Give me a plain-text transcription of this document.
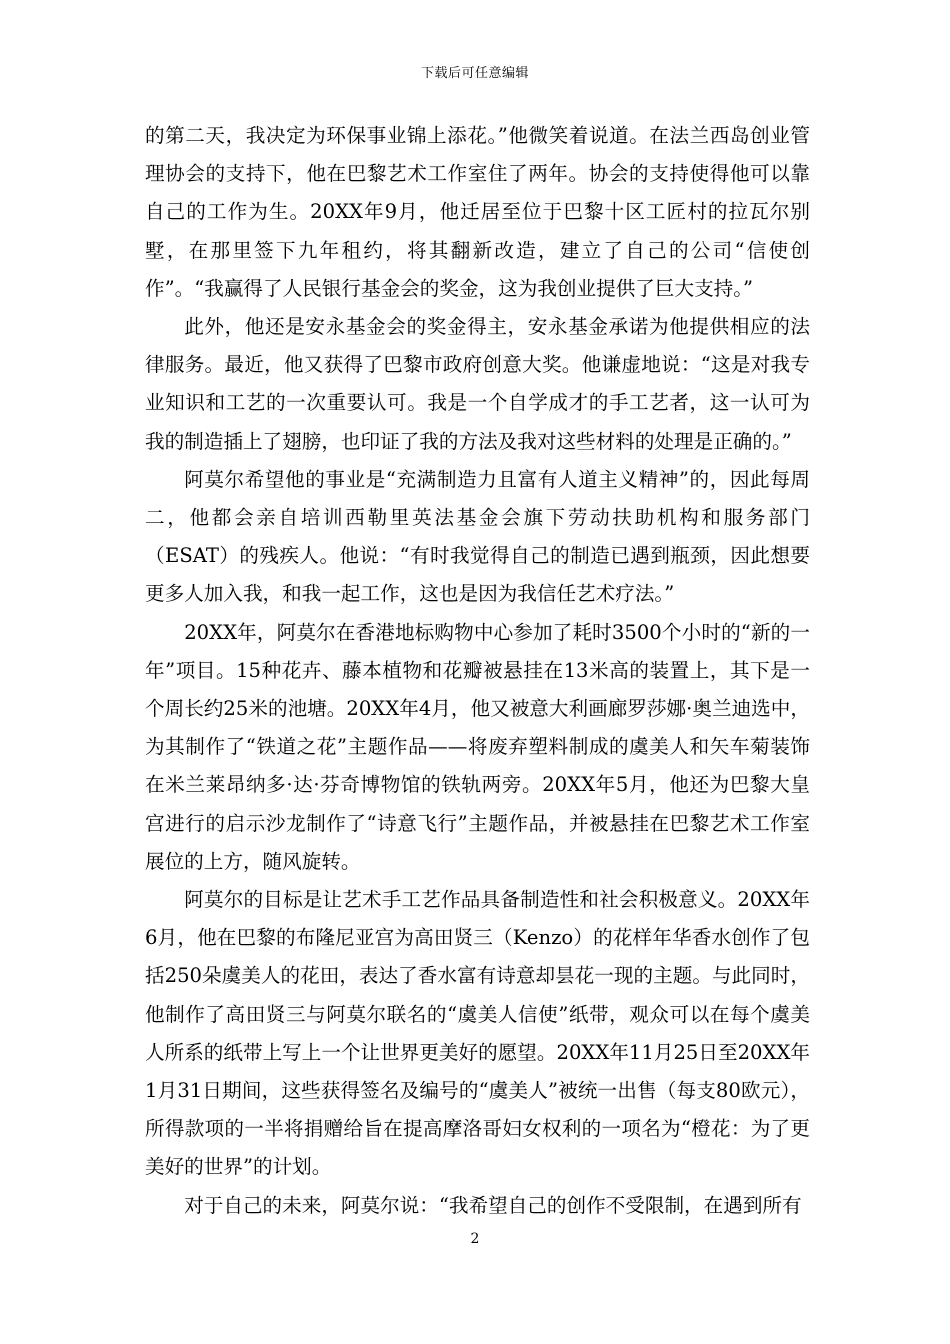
下载后可任意编辑

的第二天，我决定为环保事业锦上添花。”他微笑着说道。在法兰西岛创业管理协会的支持下，他在巴黎艺术工作室住了两年。协会的支持使得他可以靠自己的工作为生。20XX年9月，他迁居至位于巴黎十区工匠村的拉瓦尔别墅，在那里签下九年租约，将其翻新改造，建立了自己的公司“信使创作”。“我赢得了人民银行基金会的奖金，这为我创业提供了巨大支持。”

此外，他还是安永基金会的奖金得主，安永基金承诺为他提供相应的法律服务。最近，他又获得了巴黎市政府创意大奖。他谦虚地说：“这是对我专业知识和工艺的一次重要认可。我是一个自学成才的手工艺者，这一认可为我的制造插上了翅膀，也印证了我的方法及我对这些材料的处理是正确的。”

阿莫尔希望他的事业是“充满制造力且富有人道主义精神”的，因此每周二，他都会亲自培训西勒里英法基金会旗下劳动扶助机构和服务部门（ESAT）的残疾人。他说：“有时我觉得自己的制造已遇到瓶颈，因此想要更多人加入我，和我一起工作，这也是因为我信任艺术疗法。”

20XX年，阿莫尔在香港地标购物中心参加了耗时3500个小时的“新的一年”项目。15种花卉、藤本植物和花瓣被悬挂在13米高的装置上，其下是一个周长约25米的池塘。20XX年4月，他又被意大利画廊罗莎娜·奥兰迪选中，为其制作了“铁道之花”主题作品——将废弃塑料制成的虞美人和矢车菊装饰在米兰莱昂纳多·达·芬奇博物馆的铁轨两旁。20XX年5月，他还为巴黎大皇宫进行的启示沙龙制作了“诗意飞行”主题作品，并被悬挂在巴黎艺术工作室展位的上方，随风旋转。

阿莫尔的目标是让艺术手工艺作品具备制造性和社会积极意义。20XX年6月，他在巴黎的布隆尼亚宫为高田贤三（Kenzo）的花样年华香水创作了包括250朵虞美人的花田，表达了香水富有诗意却昙花一现的主题。与此同时，他制作了高田贤三与阿莫尔联名的“虞美人信使”纸带，观众可以在每个虞美人所系的纸带上写上一个让世界更美好的愿望。20XX年11月25日至20XX年1月31日期间，这些获得签名及编号的“虞美人”被统一出售（每支80欧元），所得款项的一半将捐赠给旨在提高摩洛哥妇女权利的一项名为“橙花：为了更美好的世界”的计划。

对于自己的未来，阿莫尔说：“我希望自己的创作不受限制，在遇到所有

2
